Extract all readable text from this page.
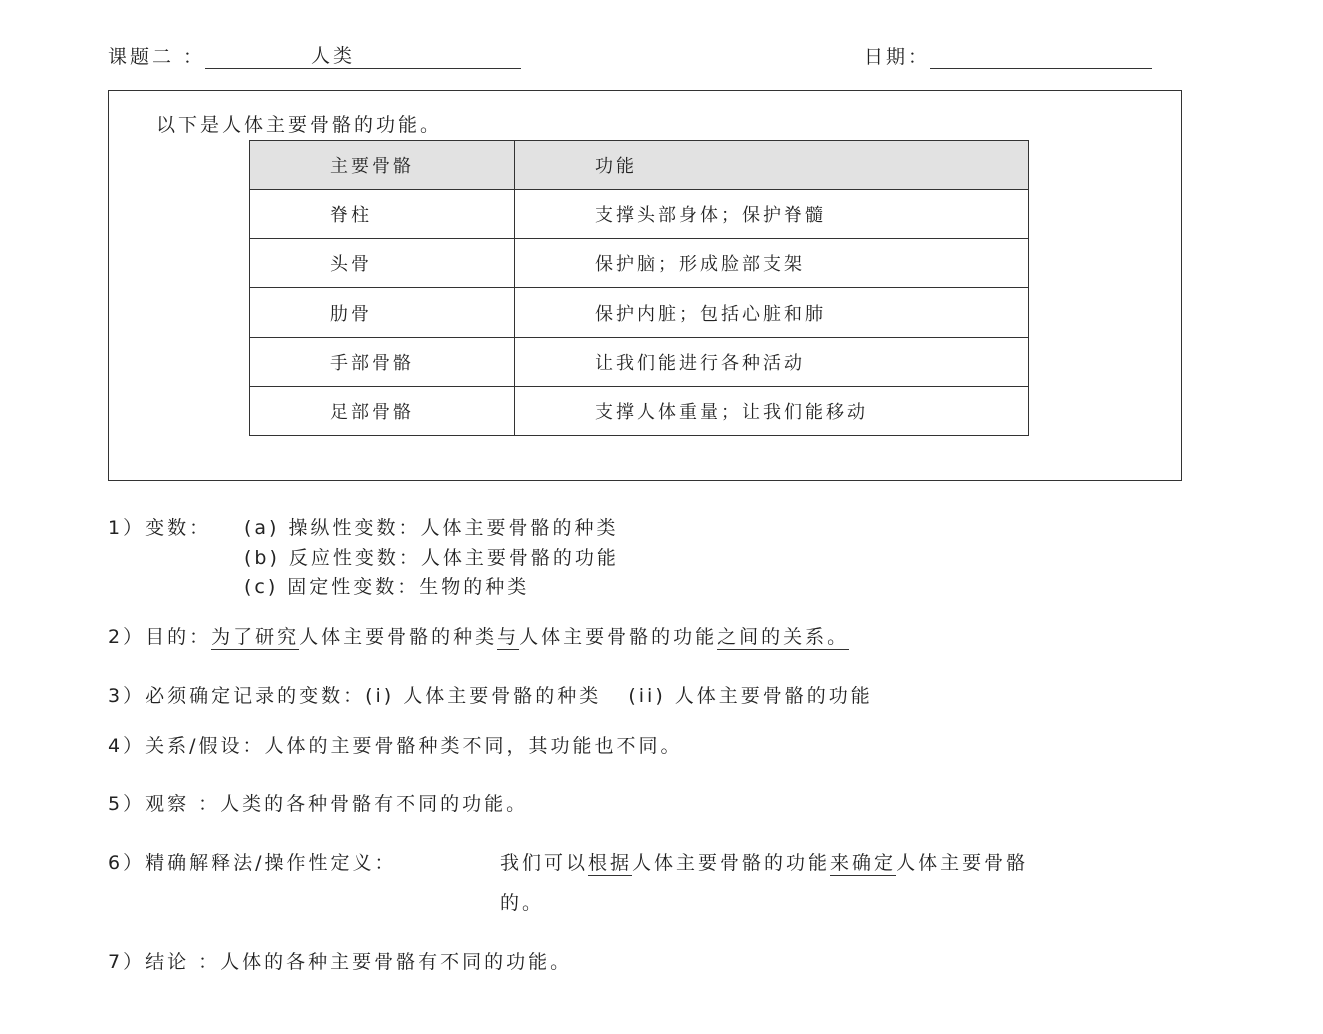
课题二 ：	人类	日期：
以下是人体主要骨骼的功能。
主要骨骼	功能
脊柱	支撑头部身体；保护脊髓
头骨	保护脑；形成脸部支架
肋骨	保护内脏；包括心脏和肺
手部骨骼	让我们能进行各种活动
足部骨骼	支撑人体重量；让我们能移动
1）变数： (a) 操纵性变数：人体主要骨骼的种类
(b) 反应性变数：人体主要骨骼的功能
(c) 固定性变数：生物的种类
2）目的：为了研究人体主要骨骼的种类与人体主要骨骼的功能之间的关系。
3）必须确定记录的变数：(i) 人体主要骨骼的种类   (ii) 人体主要骨骼的功能
4）关系/假设：人体的主要骨骼种类不同，其功能也不同。
5）观察 ：人类的各种骨骼有不同的功能。
6）精确解释法/操作性定义：	我们可以根据人体主要骨骼的功能来确定人体主要骨骼
的。
7）结论 ：人体的各种主要骨骼有不同的功能。
